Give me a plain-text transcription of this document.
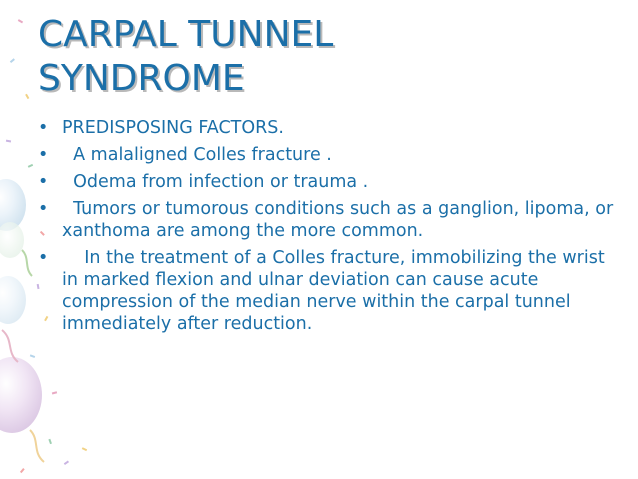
CARPAL TUNNEL
SYNDROME
• PREDISPOSING FACTORS.
• A malaligned Colles fracture .
• Odema from infection or trauma .
• Tumors or tumorous conditions such as a ganglion, lipoma, or xanthoma are among the more common.
• In the treatment of a Colles fracture, immobilizing the wrist in marked flexion and ulnar deviation can cause acute compression of the median nerve within the carpal tunnel immediately after reduction.
